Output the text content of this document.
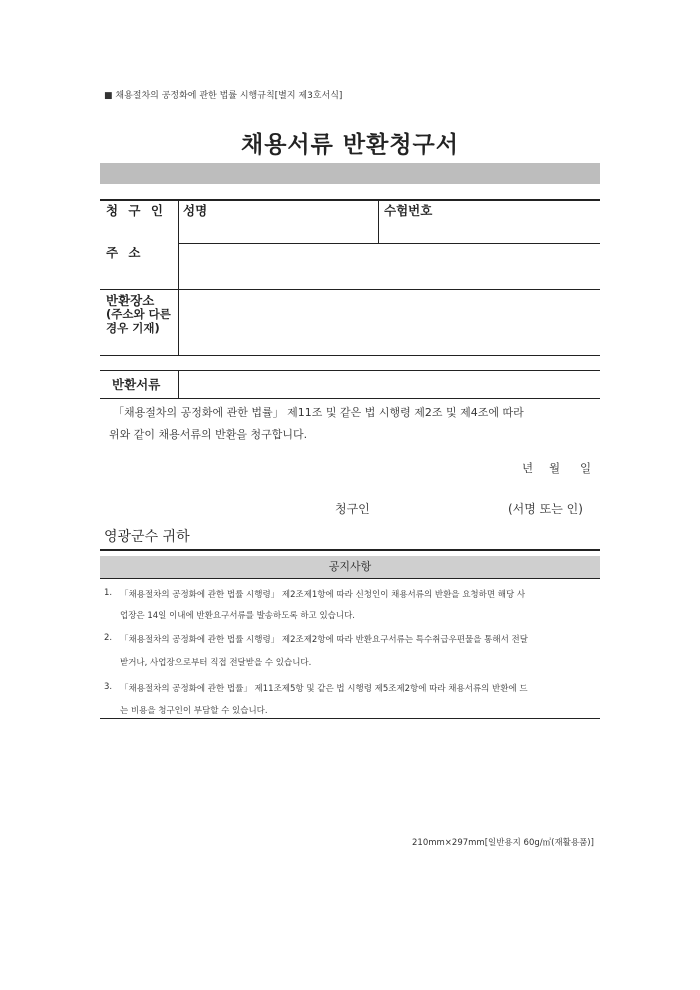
■ 채용절차의 공정화에 관한 법률 시행규칙[별지 제3호서식]
채용서류 반환청구서
청 구 인 성명	수험번호
주 소
반환장소
(주소와 다른
경우 기재)
반환서류
「채용절차의 공정화에 관한 법률」 제11조 및 같은 법 시행령 제2조 및 제4조에 따라
위와 같이 채용서류의 반환을 청구합니다.
년 월 일
청구인	(서명 또는 인)
영광군수 귀하
공지사항
1. 「채용절차의 공정화에 관한 법률 시행령」 제2조제1항에 따라 신청인이 채용서류의 반환을 요청하면 해당 사
업장은 14일 이내에 반환요구서류를 발송하도록 하고 있습니다.
2. 「채용절차의 공정화에 관한 법률 시행령」 제2조제2항에 따라 반환요구서류는 특수취급우편물을 통해서 전달
받거나, 사업장으로부터 직접 전달받을 수 있습니다.
3. 「채용절차의 공정화에 관한 법률」 제11조제5항 및 같은 법 시행령 제5조제2항에 따라 채용서류의 반환에 드
는 비용을 청구인이 부담할 수 있습니다.
210mm×297mm[일반용지 60g/㎡(재활용품)]
